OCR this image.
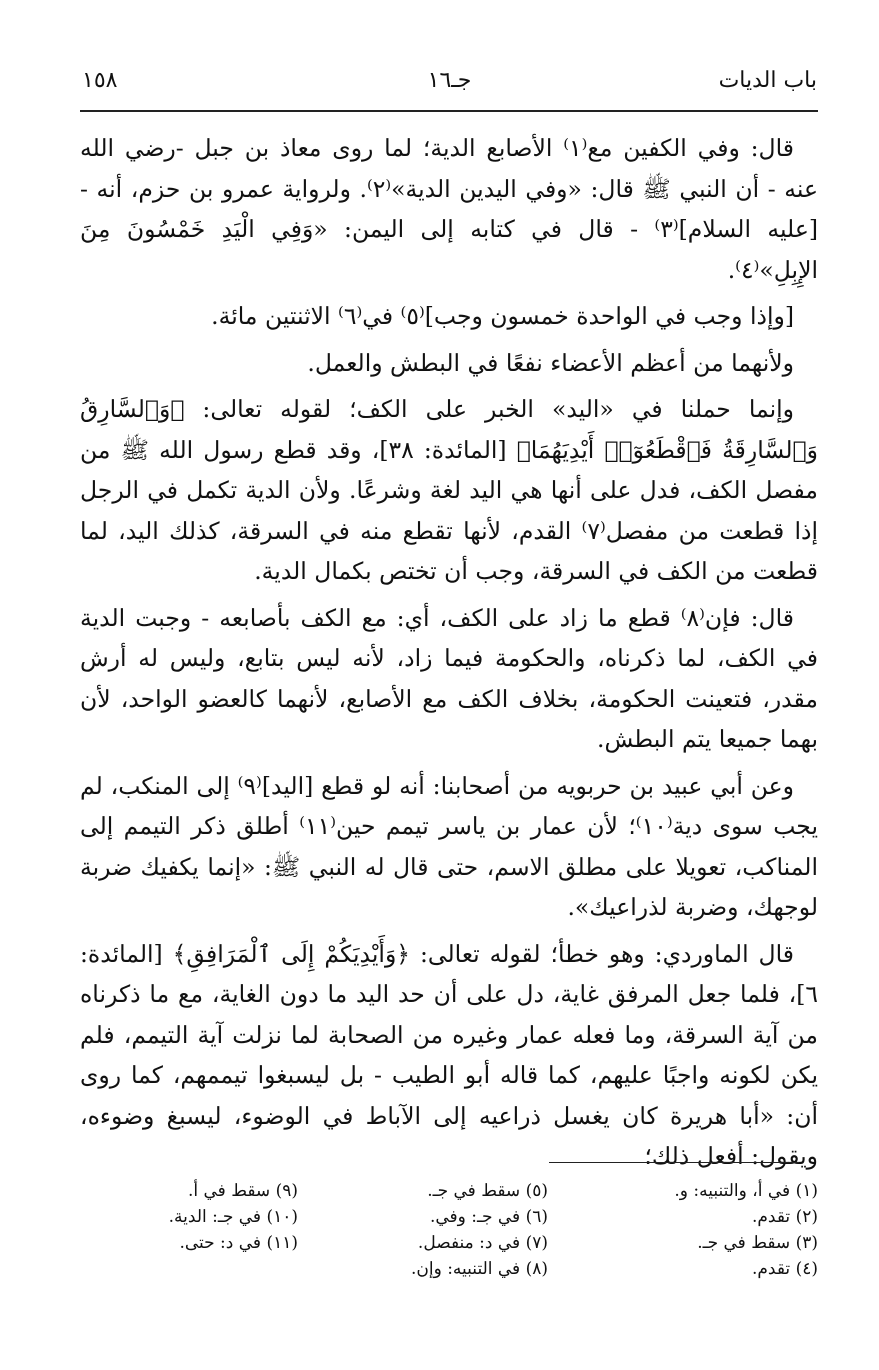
باب الديات
جـ١٦
١٥٨

قال: وفي الكفين مع⁽١⁾ الأصابع الدية؛ لما روى معاذ بن جبل -رضي الله عنه - أن النبي ﷺ قال: «وفي اليدين الدية»⁽٢⁾. ولرواية عمرو بن حزم، أنه - [عليه السلام]⁽٣⁾ - قال في كتابه إلى اليمن: «وَفِي الْيَدِ خَمْسُونَ مِنَ الإِبِلِ»⁽٤⁾.

[وإذا وجب في الواحدة خمسون وجب]⁽٥⁾ في⁽٦⁾ الاثنتين مائة.

ولأنهما من أعظم الأعضاء نفعًا في البطش والعمل.

وإنما حملنا في «اليد» الخبر على الكف؛ لقوله تعالى: ﴿وَٱلسَّارِقُ وَٱلسَّارِقَةُ فَٱقْطَعُوٓا۟ أَيْدِيَهُمَا﴾ [المائدة: ٣٨]، وقد قطع رسول الله ﷺ من مفصل الكف، فدل على أنها هي اليد لغة وشرعًا. ولأن الدية تكمل في الرجل إذا قطعت من مفصل⁽٧⁾ القدم، لأنها تقطع منه في السرقة، كذلك اليد، لما قطعت من الكف في السرقة، وجب أن تختص بكمال الدية.

قال: فإن⁽٨⁾ قطع ما زاد على الكف، أي: مع الكف بأصابعه - وجبت الدية في الكف، لما ذكرناه، والحكومة فيما زاد، لأنه ليس بتابع، وليس له أرش مقدر، فتعينت الحكومة، بخلاف الكف مع الأصابع، لأنهما كالعضو الواحد، لأن بهما جميعا يتم البطش.

وعن أبي عبيد بن حربويه من أصحابنا: أنه لو قطع [اليد]⁽٩⁾ إلى المنكب، لم يجب سوى دية⁽١٠⁾؛ لأن عمار بن ياسر تيمم حين⁽١١⁾ أطلق ذكر التيمم إلى المناكب، تعويلا على مطلق الاسم، حتى قال له النبي ﷺ: «إنما يكفيك ضربة لوجهك، وضربة لذراعيك».

قال الماوردي: وهو خطأ؛ لقوله تعالى: ﴿وَأَيْدِيَكُمْ إِلَى ٱلْمَرَافِقِ﴾ [المائدة: ٦]، فلما جعل المرفق غاية، دل على أن حد اليد ما دون الغاية، مع ما ذكرناه من آية السرقة، وما فعله عمار وغيره من الصحابة لما نزلت آية التيمم، فلم يكن لكونه واجبًا عليهم، كما قاله أبو الطيب - بل ليسبغوا تيممهم، كما روى أن: «أبا هريرة كان يغسل ذراعيه إلى الآباط في الوضوء، ليسبغ وضوءه، ويقول: أفعل ذلك؛

(١) في أ، والتنبيه: و.
(٢) تقدم.
(٣) سقط في جـ.
(٤) تقدم.
(٥) سقط في جـ.
(٦) في جـ: وفي.
(٧) في د: منفصل.
(٨) في التنبيه: وإن.
(٩) سقط في أ.
(١٠) في جـ: الدية.
(١١) في د: حتى.
